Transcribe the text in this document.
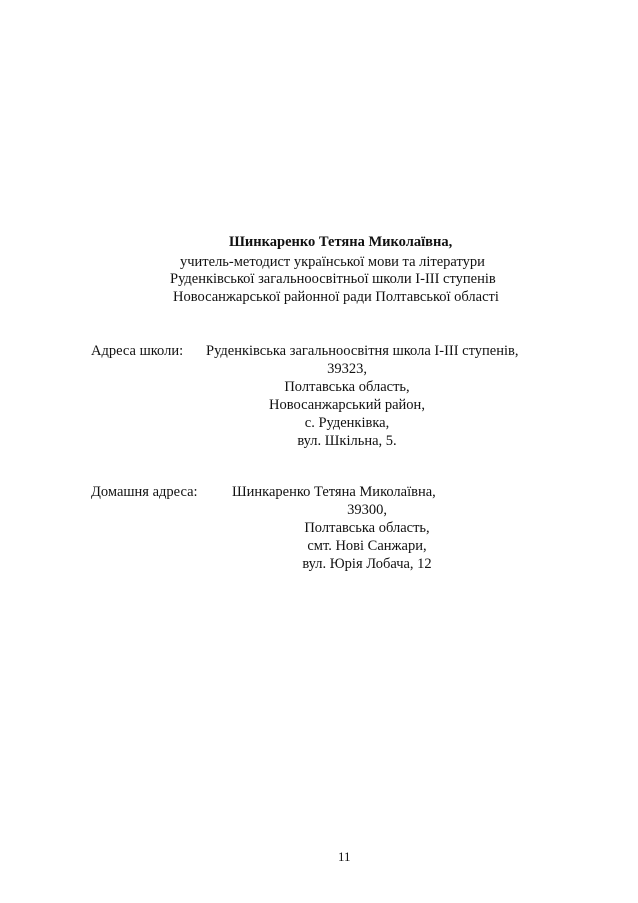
Шинкаренко Тетяна Миколаївна,
учитель-методист української мови та літератури
Руденківської загальноосвітньої школи І-ІІІ ступенів
Новосанжарської районної ради Полтавської області
Адреса школи: Руденківська загальноосвітня школа І-ІІІ ступенів,
39323,
Полтавська область,
Новосанжарський район,
с. Руденківка,
вул. Шкільна, 5.
Домашня адреса: Шинкаренко Тетяна Миколаївна,
39300,
Полтавська область,
смт. Нові Санжари,
вул. Юрія Лобача, 12
11
